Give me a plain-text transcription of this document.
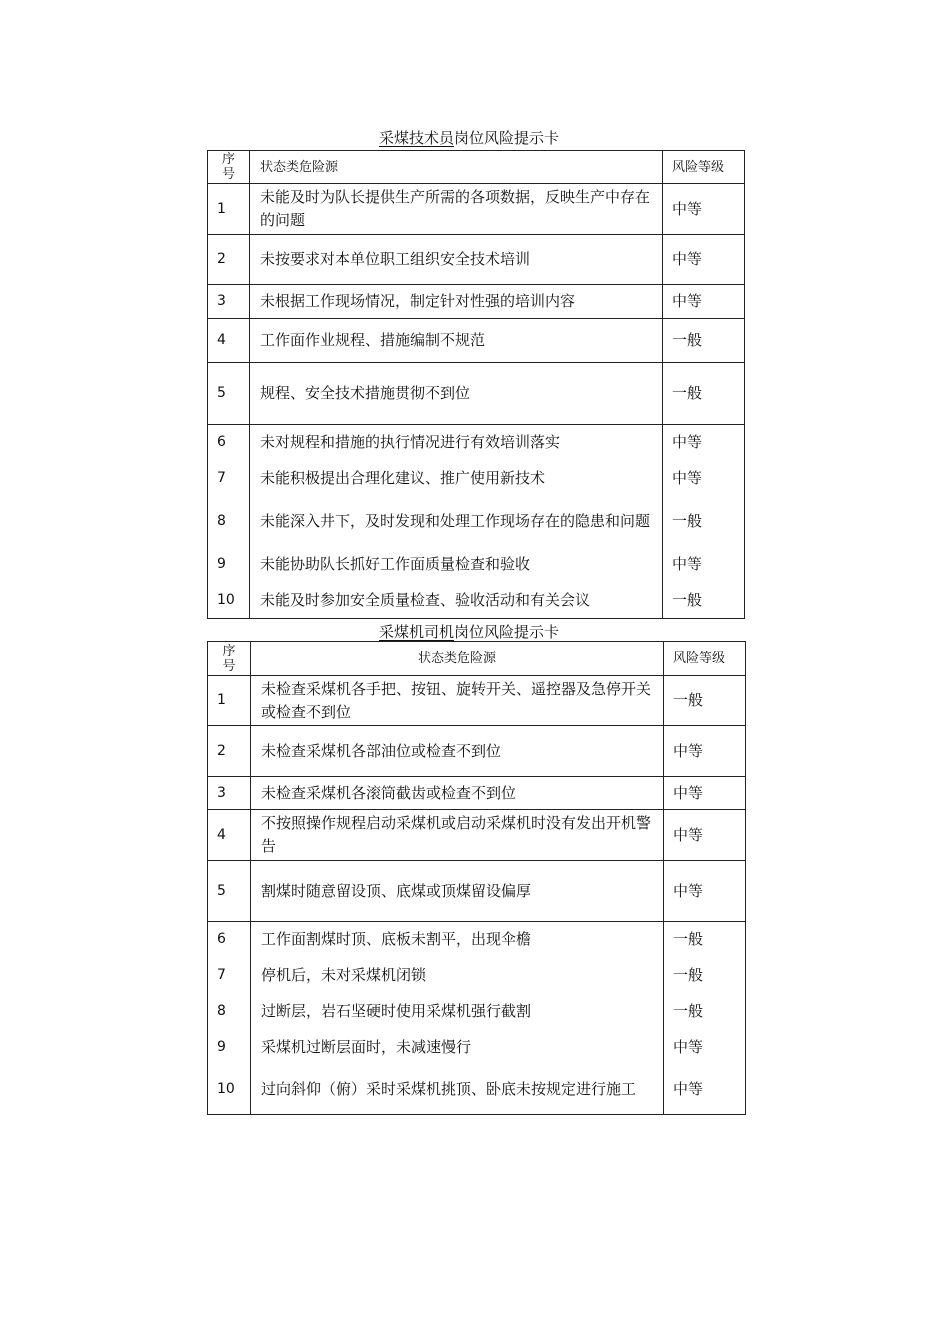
采煤技术员岗位风险提示卡
序
号	状态类危险源	风险等级
1	未能及时为队长提供生产所需的各项数据，反映生产中存在的问题	中等
2	未按要求对本单位职工组织安全技术培训	中等
3	未根据工作现场情况，制定针对性强的培训内容	中等
4	工作面作业规程、措施编制不规范	一般
5	规程、安全技术措施贯彻不到位	一般
6	未对规程和措施的执行情况进行有效培训落实	中等
7	未能积极提出合理化建议、推广使用新技术	中等
8	未能深入井下，及时发现和处理工作现场存在的隐患和问题	一般
9	未能协助队长抓好工作面质量检查和验收	中等
10	未能及时参加安全质量检查、验收活动和有关会议	一般
采煤机司机岗位风险提示卡
序
号	状态类危险源	风险等级
1	未检查采煤机各手把、按钮、旋转开关、遥控器及急停开关或检查不到位	一般
2	未检查采煤机各部油位或检查不到位	中等
3	未检查采煤机各滚筒截齿或检查不到位	中等
4	不按照操作规程启动采煤机或启动采煤机时没有发出开机警告	中等
5	割煤时随意留设顶、底煤或顶煤留设偏厚	中等
6	工作面割煤时顶、底板未割平，出现伞檐	一般
7	停机后，未对采煤机闭锁	一般
8	过断层，岩石坚硬时使用采煤机强行截割	一般
9	采煤机过断层面时，未减速慢行	中等
10	过向斜仰（俯）采时采煤机挑顶、卧底未按规定进行施工	中等
